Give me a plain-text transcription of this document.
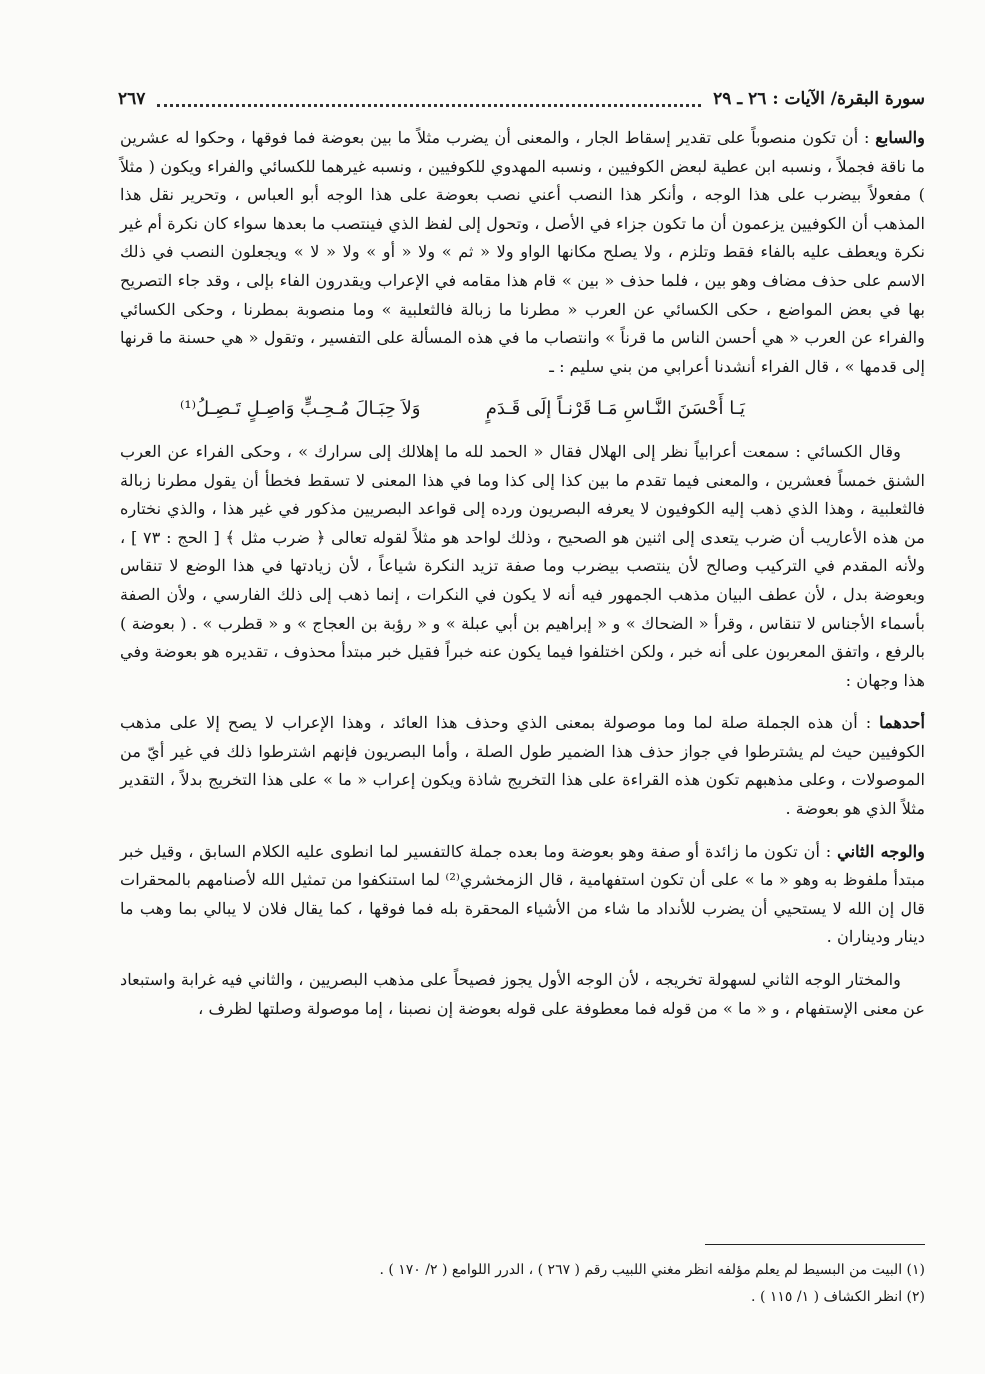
سورة البقرة/ الآيات : ٢٦ ـ ٢٩
٢٦٧

والسابع : أن تكون منصوباً على تقدير إسقاط الجار ، والمعنى أن يضرب مثلاً ما بين بعوضة فما فوقها ، وحكوا له عشرين ما ناقة فجملاً ، ونسبه ابن عطية لبعض الكوفيين ، ونسبه المهدوي للكوفيين ، ونسبه غيرهما للكسائي والفراء ويكون ( مثلاً ) مفعولاً بيضرب على هذا الوجه ، وأنكر هذا النصب أعني نصب بعوضة على هذا الوجه أبو العباس ، وتحرير نقل هذا المذهب أن الكوفيين يزعمون أن ما تكون جزاء في الأصل ، وتحول إلى لفظ الذي فينتصب ما بعدها سواء كان نكرة أم غير نكرة ويعطف عليه بالفاء فقط وتلزم ، ولا يصلح مكانها الواو ولا « ثم » ولا « أو » ولا « لا » ويجعلون النصب في ذلك الاسم على حذف مضاف وهو بين ، فلما حذف « بين » قام هذا مقامه في الإعراب ويقدرون الفاء بإلى ، وقد جاء التصريح بها في بعض المواضع ، حكى الكسائي عن العرب « مطرنا ما زبالة فالثعلبية » وما منصوبة بمطرنا ، وحكى الكسائي والفراء عن العرب « هي أحسن الناس ما قرناً » وانتصاب ما في هذه المسألة على التفسير ، وتقول « هي حسنة ما قرنها إلى قدمها » ، قال الفراء أنشدنا أعرابي من بني سليم : ـ

يَـا أَحْسَنَ النَّـاسِ مَـا قَرْنـاً إلَى قَـدَمٍ
وَلاَ حِبَـالَ مُـحِـبٍّ وَاصِـلٍ تَـصِـلُ⁽¹⁾

وقال الكسائي : سمعت أعرابياً نظر إلى الهلال فقال « الحمد لله ما إهلالك إلى سرارك » ، وحكى الفراء عن العرب الشنق خمساً فعشرين ، والمعنى فيما تقدم ما بين كذا إلى كذا وما في هذا المعنى لا تسقط فخطأ أن يقول مطرنا زبالة فالثعلبية ، وهذا الذي ذهب إليه الكوفيون لا يعرفه البصريون ورده إلى قواعد البصريين مذكور في غير هذا ، والذي نختاره من هذه الأعاريب أن ضرب يتعدى إلى اثنين هو الصحيح ، وذلك لواحد هو مثلاً لقوله تعالى ﴿ ضرب مثل ﴾ [ الحج : ٧٣ ] ، ولأنه المقدم في التركيب وصالح لأن ينتصب بيضرب وما صفة تزيد النكرة شياعاً ، لأن زيادتها في هذا الوضع لا تنقاس وبعوضة بدل ، لأن عطف البيان مذهب الجمهور فيه أنه لا يكون في النكرات ، إنما ذهب إلى ذلك الفارسي ، ولأن الصفة بأسماء الأجناس لا تنقاس ، وقرأ « الضحاك » و « إبراهيم بن أبي عبلة » و « رؤبة بن العجاج » و « قطرب » . ( بعوضة ) بالرفع ، واتفق المعربون على أنه خبر ، ولكن اختلفوا فيما يكون عنه خبراً فقيل خبر مبتدأ محذوف ، تقديره هو بعوضة وفي هذا وجهان :

أحدهما : أن هذه الجملة صلة لما وما موصولة بمعنى الذي وحذف هذا العائد ، وهذا الإعراب لا يصح إلا على مذهب الكوفيين حيث لم يشترطوا في جواز حذف هذا الضمير طول الصلة ، وأما البصريون فإنهم اشترطوا ذلك في غير أيّ من الموصولات ، وعلى مذهبهم تكون هذه القراءة على هذا التخريج شاذة ويكون إعراب « ما » على هذا التخريج بدلاً ، التقدير مثلاً الذي هو بعوضة .

والوجه الثاني : أن تكون ما زائدة أو صفة وهو بعوضة وما بعده جملة كالتفسير لما انطوى عليه الكلام السابق ، وقيل خبر مبتدأ ملفوظ به وهو « ما » على أن تكون استفهامية ، قال الزمخشري⁽²⁾ لما استنكفوا من تمثيل الله لأصنامهم بالمحقرات قال إن الله لا يستحيي أن يضرب للأنداد ما شاء من الأشياء المحقرة بله فما فوقها ، كما يقال فلان لا يبالي بما وهب ما دينار وديناران .

والمختار الوجه الثاني لسهولة تخريجه ، لأن الوجه الأول يجوز فصيحاً على مذهب البصريين ، والثاني فيه غرابة واستبعاد عن معنى الإستفهام ، و « ما » من قوله فما معطوفة على قوله بعوضة إن نصبنا ، إما موصولة وصلتها لظرف ،

(١) البيت من البسيط لم يعلم مؤلفه انظر مغني اللبيب رقم ( ٢٦٧ ) ، الدرر اللوامع ( ٢/ ١٧٠ ) .

(٢) انظر الكشاف ( ١/ ١١٥ ) .
